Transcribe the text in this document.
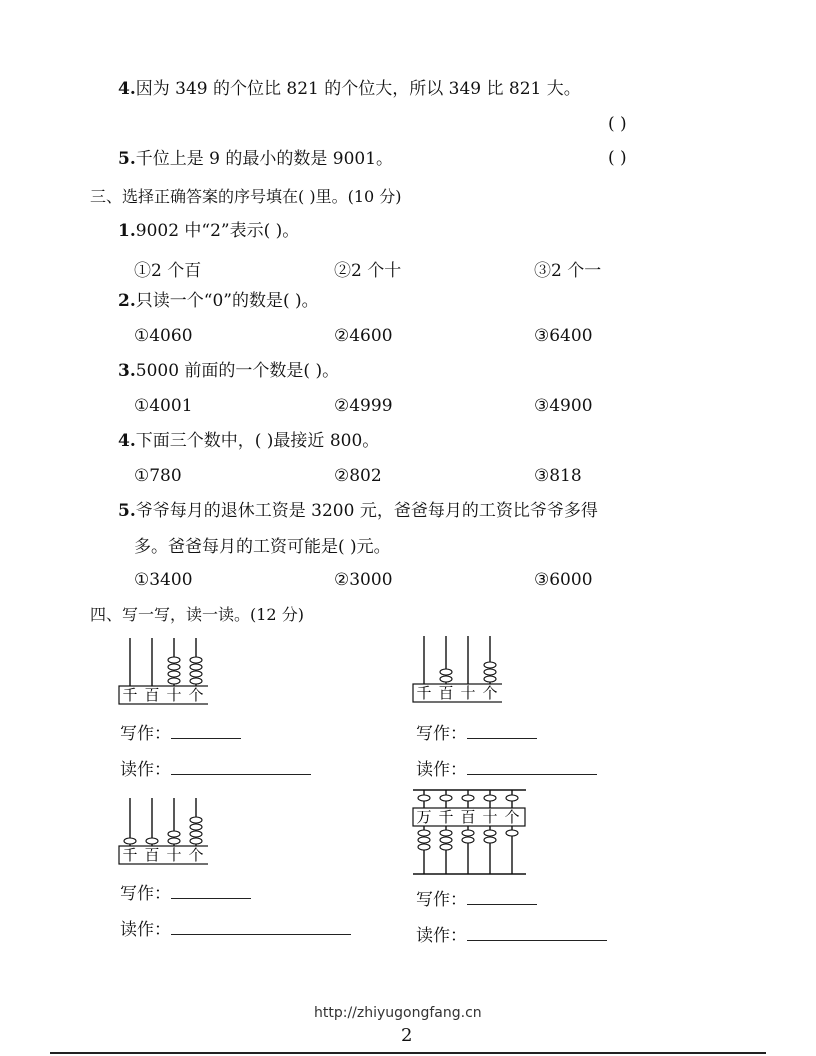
4.因为 349 的个位比 821 的个位大，所以 349 比 821 大。
( )
5.千位上是 9 的最小的数是 9001。	( )
三、选择正确答案的序号填在( )里。(10 分)
1.9002 中“2”表示( )。
①2 个百	②2 个十	③2 个一
2.只读一个“0”的数是( )。
①4060	②4600	③6400
3.5000 前面的一个数是( )。
①4001	②4999	③4900
4.下面三个数中，( )最接近 800。
①780	②802	③818
5.爷爷每月的退休工资是 3200 元，爸爸每月的工资比爷爷多得
多。爸爸每月的工资可能是( )元。
①3400	②3000	③6000
四、写一写，读一读。(12 分)
千 百 十 个
写作：
读作：
千 百 十 个
写作：
读作：
千 百 十 个
写作：
读作：
万 千 百 十 个
写作：
读作：
http://zhiyugongfang.cn
2
